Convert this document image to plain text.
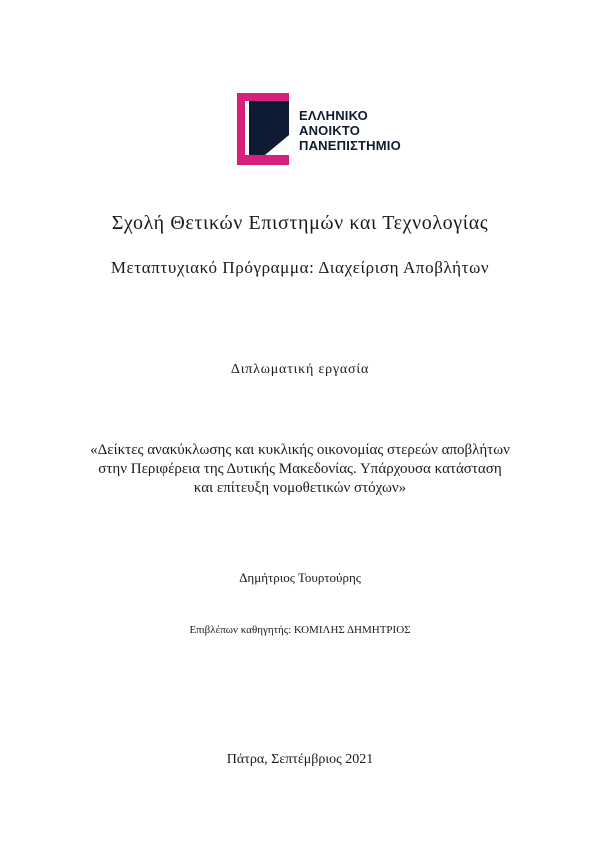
ΕΛΛΗΝΙΚΟ
ΑΝΟΙΚΤΟ
ΠΑΝΕΠΙΣΤΗΜΙΟ
Σχολή Θετικών Επιστημών και Τεχνολογίας
Μεταπτυχιακό Πρόγραμμα: Διαχείριση Αποβλήτων
Διπλωματική εργασία
«Δείκτες ανακύκλωσης και κυκλικής οικονομίας στερεών αποβλήτων
στην Περιφέρεια της Δυτικής Μακεδονίας. Υπάρχουσα κατάσταση
και επίτευξη νομοθετικών στόχων»
Δημήτριος Τουρτούρης
Επιβλέπων καθηγητής: ΚΟΜΙΛΗΣ ΔΗΜΗΤΡΙΟΣ
Πάτρα, Σεπτέμβριος 2021
